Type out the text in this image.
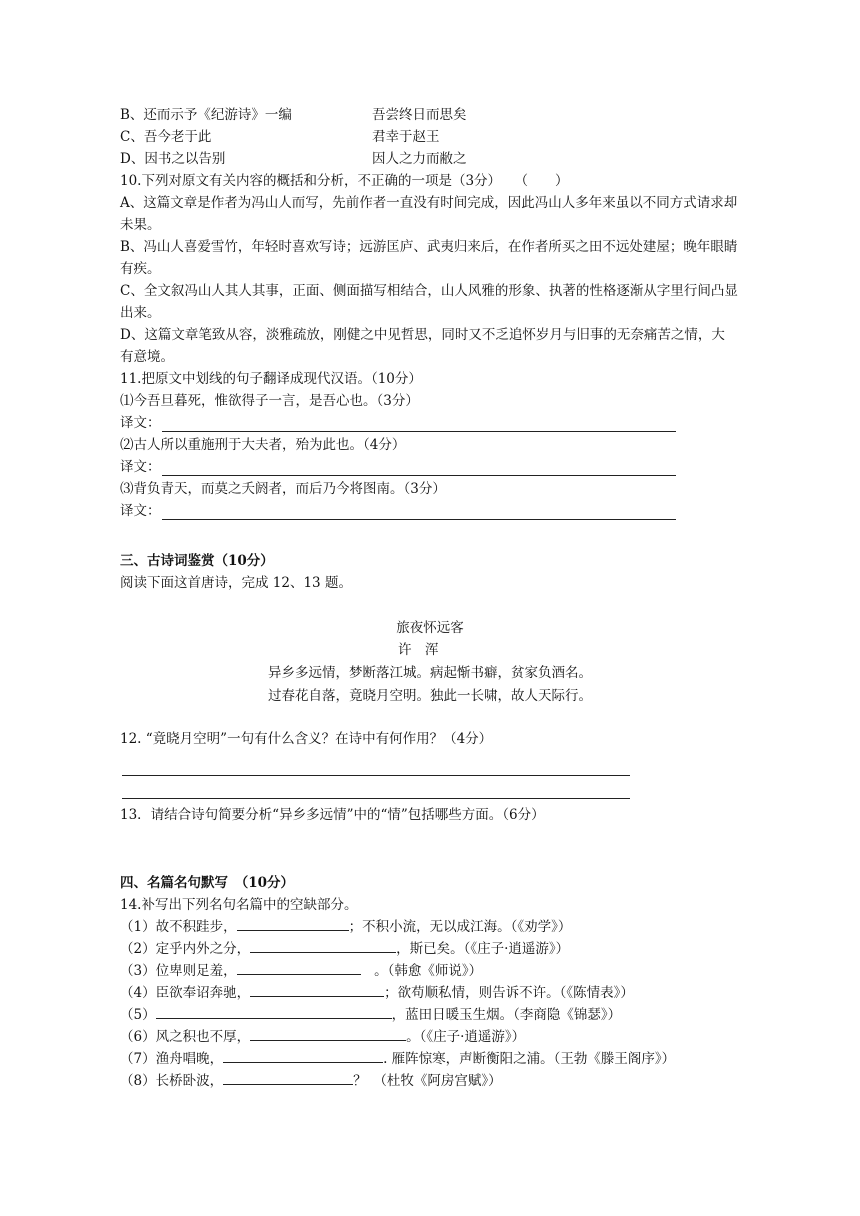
B、还而示予《纪游诗》一编	吾尝终日而思矣
C、吾今老于此	君幸于赵王
D、因书之以告别	因人之力而敝之
10.下列对原文有关内容的概括和分析，不正确的一项是（3分）　　（　　）
A、这篇文章是作者为冯山人而写，先前作者一直没有时间完成，因此冯山人多年来虽以不同方式请求却未果。
B、冯山人喜爱雪竹，年轻时喜欢写诗；远游匡庐、武夷归来后，在作者所买之田不远处建屋；晚年眼睛有疾。
C、全文叙冯山人其人其事，正面、侧面描写相结合，山人风雅的形象、执著的性格逐渐从字里行间凸显出来。
D、这篇文章笔致从容，淡雅疏放，刚健之中见哲思，同时又不乏追怀岁月与旧事的无奈痛苦之情，大有意境。
11.把原文中划线的句子翻译成现代汉语。（10分）
⑴今吾旦暮死，惟欲得子一言，是吾心也。（3分）
译文：
⑵古人所以重施刑于大夫者，殆为此也。（4分）
译文：
⑶背负青天，而莫之夭阏者，而后乃今将图南。（3分）
译文：
三、古诗词鉴赏（10分）
阅读下面这首唐诗，完成 12、13 题。
旅夜怀远客
许　浑
异乡多远情，梦断落江城。病起惭书癖，贫家负酒名。
过春花自落，竟晓月空明。独此一长啸，故人天际行。
12. “竟晓月空明”一句有什么含义？在诗中有何作用？（4分）
13．请结合诗句简要分析“异乡多远情”中的“情”包括哪些方面。（6分）
四、名篇名句默写　（10分）
14.补写出下列名句名篇中的空缺部分。
（1）故不积跬步，	；不积小流，无以成江海。（《劝学》）
（2）定乎内外之分，	，斯已矣。（《庄子·逍遥游》）
（3）位卑则足羞，	　。（韩愈《师说》）
（4）臣欲奉诏奔驰，	；欲苟顺私情，则告诉不许。（《陈情表》）
（5）	，蓝田日暖玉生烟。（李商隐《锦瑟》）
（6）风之积也不厚，	。（《庄子·逍遥游》）
（7）渔舟唱晚，	. 雁阵惊寒，声断衡阳之浦。（王勃《滕王阁序》）
（8）长桥卧波，	？　（杜牧《阿房宫赋》）
